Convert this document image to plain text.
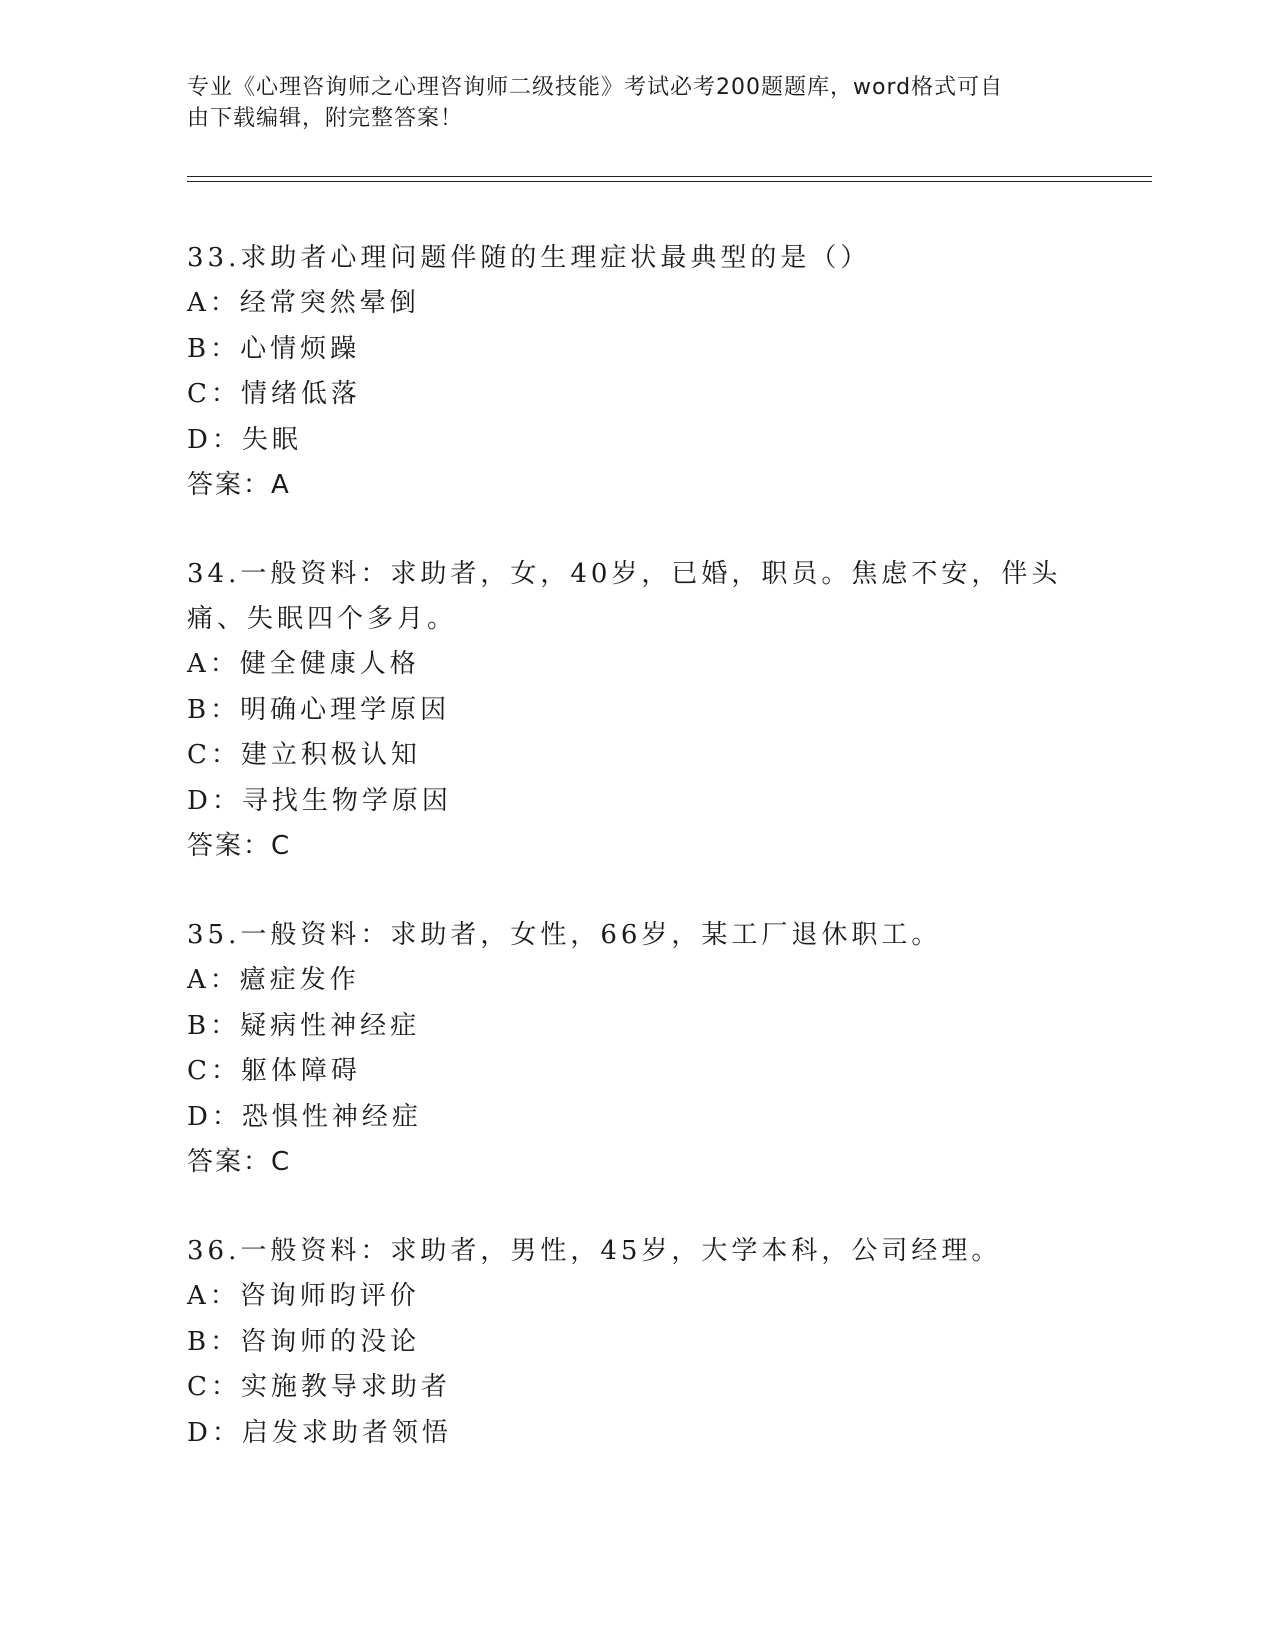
专业《心理咨询师之心理咨询师二级技能》考试必考200题题库，word格式可自
由下载编辑，附完整答案！
33.求助者心理问题伴随的生理症状最典型的是（）
A：经常突然晕倒
B：心情烦躁
C：情绪低落
D：失眠
答案：A
34.一般资料：求助者，女，40岁，已婚，职员。焦虑不安，伴头痛、失眠四个多月。
A：健全健康人格
B：明确心理学原因
C：建立积极认知
D：寻找生物学原因
答案：C
35.一般资料：求助者，女性，66岁，某工厂退休职工。
A：癔症发作
B：疑病性神经症
C：躯体障碍
D：恐惧性神经症
答案：C
36.一般资料：求助者，男性，45岁，大学本科，公司经理。
A：咨询师昀评价
B：咨询师的没论
C：实施教导求助者
D：启发求助者领悟
